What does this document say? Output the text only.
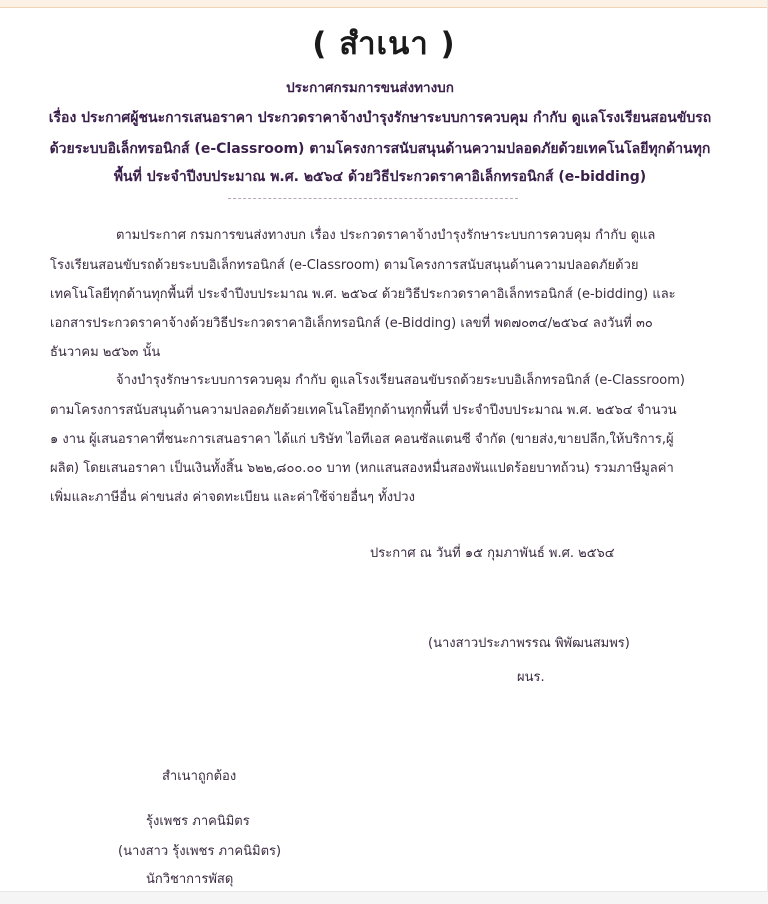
( สำเนา )
ประกาศกรมการขนส่งทางบก
เรื่อง ประกาศผู้ชนะการเสนอราคา ประกวดราคาจ้างบำรุงรักษาระบบการควบคุม กำกับ ดูแลโรงเรียนสอนขับรถ
ด้วยระบบอิเล็กทรอนิกส์ (e-Classroom) ตามโครงการสนับสนุนด้านความปลอดภัยด้วยเทคโนโลยีทุกด้านทุก
พื้นที่ ประจำปีงบประมาณ พ.ศ. ๒๕๖๔ ด้วยวิธีประกวดราคาอิเล็กทรอนิกส์ (e-bidding)
ตามประกาศ กรมการขนส่งทางบก เรื่อง ประกวดราคาจ้างบำรุงรักษาระบบการควบคุม กำกับ ดูแล
โรงเรียนสอนขับรถด้วยระบบอิเล็กทรอนิกส์ (e-Classroom) ตามโครงการสนับสนุนด้านความปลอดภัยด้วย
เทคโนโลยีทุกด้านทุกพื้นที่ ประจำปีงบประมาณ พ.ศ. ๒๕๖๔ ด้วยวิธีประกวดราคาอิเล็กทรอนิกส์ (e-bidding) และ
เอกสารประกวดราคาจ้างด้วยวิธีประกวดราคาอิเล็กทรอนิกส์ (e-Bidding) เลขที่ พด๗๐๓๔/๒๕๖๔ ลงวันที่ ๓๐
ธันวาคม ๒๕๖๓ นั้น
จ้างบำรุงรักษาระบบการควบคุม กำกับ ดูแลโรงเรียนสอนขับรถด้วยระบบอิเล็กทรอนิกส์ (e-Classroom)
ตามโครงการสนับสนุนด้านความปลอดภัยด้วยเทคโนโลยีทุกด้านทุกพื้นที่ ประจำปีงบประมาณ พ.ศ. ๒๕๖๔ จำนวน
๑ งาน ผู้เสนอราคาที่ชนะการเสนอราคา ได้แก่ บริษัท ไอทีเอส คอนซัลแตนซี จำกัด (ขายส่ง,ขายปลีก,ให้บริการ,ผู้
ผลิต) โดยเสนอราคา เป็นเงินทั้งสิ้น ๖๒๒,๘๐๐.๐๐ บาท (หกแสนสองหมื่นสองพันแปดร้อยบาทถ้วน) รวมภาษีมูลค่า
เพิ่มและภาษีอื่น ค่าขนส่ง ค่าจดทะเบียน และค่าใช้จ่ายอื่นๆ ทั้งปวง
ประกาศ ณ วันที่ ๑๕ กุมภาพันธ์ พ.ศ. ๒๕๖๔
(นางสาวประภาพรรณ พิพัฒนสมพร)
ผนร.
สำเนาถูกต้อง
รุ้งเพชร ภาคนิมิตร
(นางสาว รุ้งเพชร ภาคนิมิตร)
นักวิชาการพัสดุ
